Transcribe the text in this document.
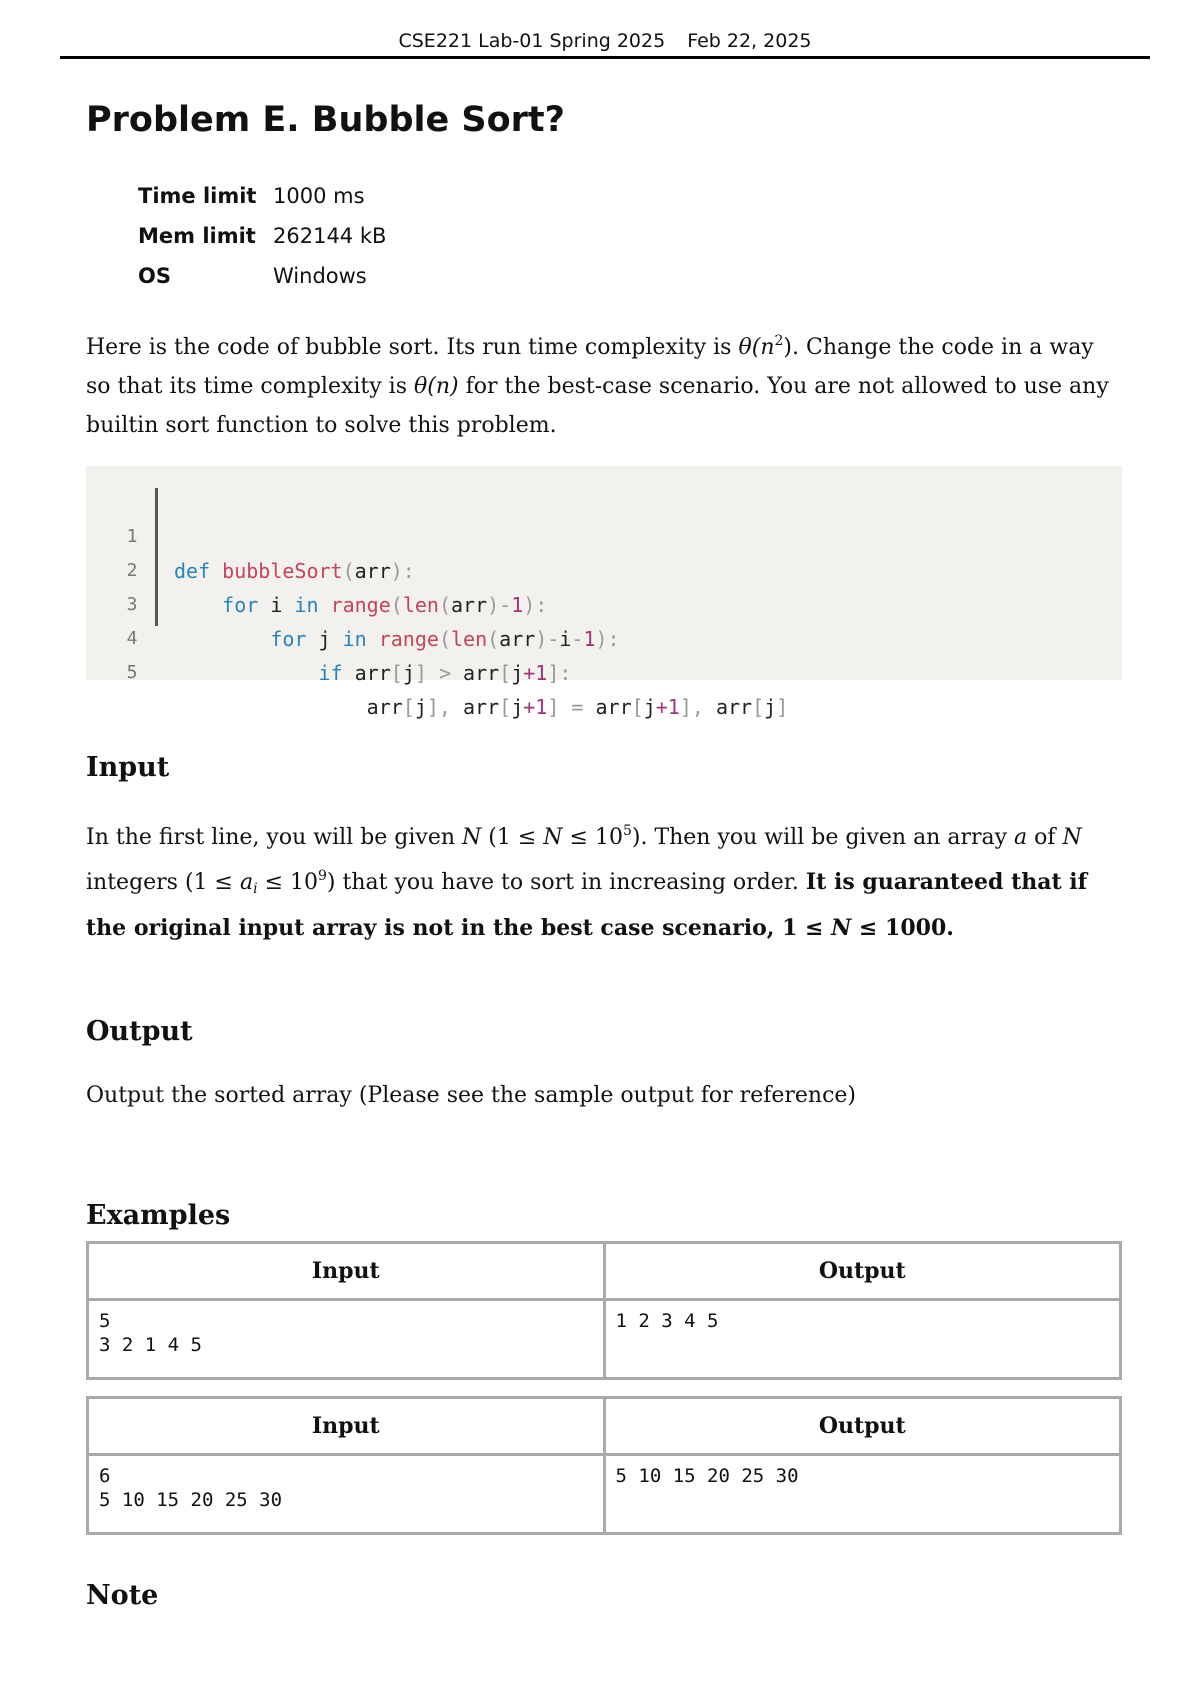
CSE221 Lab-01 Spring 2025 Feb 22, 2025
Problem E. Bubble Sort?
Time limit 1000 ms
Mem limit 262144 kB
OS	Windows

Here is the code of bubble sort. Its run time complexity is $\theta(n^2)$. Change the code in a way so that its time complexity is θ(n) for the best-case scenario. You are not allowed to use any builtin sort function to solve this problem.

1

def bubbleSort(arr):

2

for i in range(len(arr)-1):

3

for j in range(len(arr)-i-1):

4

if arr[j] > arr[j+1]:

5

arr[j], arr[j+1] = arr[j+1], arr[j]

Input

In the first line, you will be given N $(1 \le N \le 10^5)$. Then you will be given an array a of N integers $(1 \le a_i \le 10^9)$ that you have to sort in increasing order. It is guaranteed that if the original input array is not in the best case scenario, 1 ≤ N ≤ 1000.

Output

Output the sorted array (Please see the sample output for reference)

Examples
Input	Output
5
3 2 1 4 5	1 2 3 4 5
Input	Output
6
5 10 15 20 25 30	5 10 15 20 25 30
Note
